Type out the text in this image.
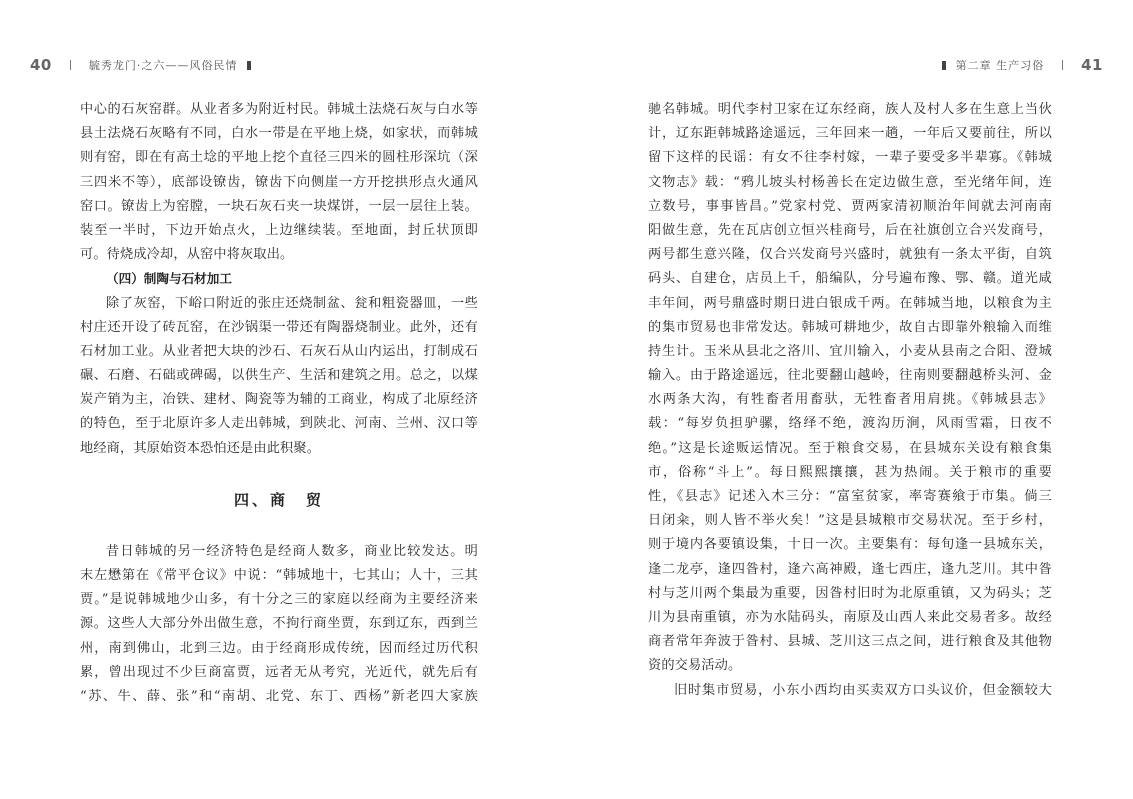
40	毓秀龙门·之六——风俗民情
中心的石灰窑群。从业者多为附近村民。韩城土法烧石灰与白水等
县土法烧石灰略有不同，白水一带是在平地上烧，如家状，而韩城
则有窑，即在有高土埝的平地上挖个直径三四米的圆柱形深坑（深
三四米不等），底部设镣齿，镣齿下向侧崖一方开挖拱形点火通风
窑口。镣齿上为窑膛，一块石灰石夹一块煤饼，一层一层往上装。
装至一半时，下边开始点火，上边继续装。至地面，封丘状顶即
可。待烧成冷却，从窑中将灰取出。
（四）制陶与石材加工
除了灰窑，下峪口附近的张庄还烧制盆、瓮和粗瓷器皿，一些
村庄还开设了砖瓦窑，在沙锅渠一带还有陶器烧制业。此外，还有
石材加工业。从业者把大块的沙石、石灰石从山内运出，打制成石
碾、石磨、石础或碑碣，以供生产、生活和建筑之用。总之，以煤
炭产销为主，冶铁、建材、陶瓷等为辅的工商业，构成了北原经济
的特色，至于北原许多人走出韩城，到陕北、河南、兰州、汉口等
地经商，其原始资本恐怕还是由此积聚。
四、商　贸
昔日韩城的另一经济特色是经商人数多，商业比较发达。明
末左懋第在《常平仓议》中说：“韩城地十，七其山；人十，三其
贾。”是说韩城地少山多，有十分之三的家庭以经商为主要经济来
源。这些人大部分外出做生意，不拘行商坐贾，东到辽东，西到兰
州，南到佛山，北到三边。由于经商形成传统，因而经过历代积
累，曾出现过不少巨商富贾，远者无从考究，光近代，就先后有
“苏、牛、薛、张”和“南胡、北党、东丁、西杨”新老四大家族
第二章 生产习俗 41
驰名韩城。明代李村卫家在辽东经商，族人及村人多在生意上当伙
计，辽东距韩城路途遥远，三年回来一趟，一年后又要前往，所以
留下这样的民谣：有女不往李村嫁，一辈子要受多半辈寡。《韩城
文物志》载：“鸦儿坡头村杨善长在定边做生意，至光绪年间，连
立数号，事事皆昌。”党家村党、贾两家清初顺治年间就去河南南
阳做生意，先在瓦店创立恒兴桂商号，后在社旗创立合兴发商号，
两号都生意兴隆，仅合兴发商号兴盛时，就独有一条太平街，自筑
码头、自建仓，店员上千，船编队，分号遍布豫、鄂、赣。道光咸
丰年间，两号鼎盛时期日进白银成千两。在韩城当地，以粮食为主
的集市贸易也非常发达。韩城可耕地少，故自古即靠外粮输入而维
持生计。玉米从县北之洛川、宜川输入，小麦从县南之合阳、澄城
输入。由于路途遥远，往北要翻山越岭，往南则要翻越桥头河、金
水两条大沟，有牲畜者用畜驮，无牲畜者用肩挑。《韩城县志》
载：“每岁负担驴骡，络绎不绝，渡沟历涧，风雨雪霜，日夜不
绝。”这是长途贩运情况。至于粮食交易，在县城东关设有粮食集
市，俗称“斗上”。每日熙熙攘攘，甚为热闹。关于粮市的重要
性，《县志》记述入木三分：“富室贫家，率寄赛飨于市集。倘三
日闭籴，则人皆不举火矣！”这是县城粮市交易状况。至于乡村，
则于境内各要镇设集，十日一次。主要集有：每旬逢一县城东关，
逢二龙亭，逢四昝村，逢六高神殿，逢七西庄，逢九芝川。其中昝
村与芝川两个集最为重要，因昝村旧时为北原重镇，又为码头；芝
川为县南重镇，亦为水陆码头，南原及山西人来此交易者多。故经
商者常年奔波于昝村、县城、芝川这三点之间，进行粮食及其他物
资的交易活动。
旧时集市贸易，小东小西均由买卖双方口头议价，但金额较大
